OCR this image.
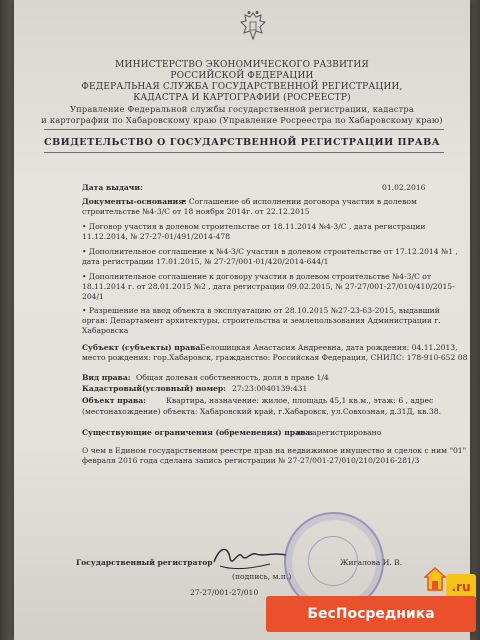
МИНИСТЕРСТВО ЭКОНОМИЧЕСКОГО РАЗВИТИЯ
РОССИЙСКОЙ ФЕДЕРАЦИИ
ФЕДЕРАЛЬНАЯ СЛУЖБА ГОСУДАРСТВЕННОЙ РЕГИСТРАЦИИ,
КАДАСТРА И КАРТОГРАФИИ (РОСРЕЕСТР)
Управление Федеральной службы государственной регистрации, кадастра
и картографии по Хабаровскому краю (Управление Росреестра по Хабаровскому краю)
СВИДЕТЕЛЬСТВО О ГОСУДАРСТВЕННОЙ РЕГИСТРАЦИИ ПРАВА
Дата выдачи:	01.02.2016
Документы-основания:
• Соглашение об исполнении договора участия в долевом
строительстве №4-3/С от 18 ноября 2014г. от 22.12.2015
• Договор участия в долевом строительстве от 18.11.2014 №4-3/С , дата регистрации
11.12.2014, № 27-27-01/491/2014-478
• Дополнительное соглашение к №4-3/С участия в долевом строительстве от 17.12.2014 №1 ,
дата регистрации 17.01.2015, № 27-27/001-01/420/2014-644/1
• Дополнительное соглашение к договору участия в долевом строительстве №4-3/С от
18.11.2014 г. от 28.01.2015 №2 , дата регистрации 09.02.2015, № 27-27/001-27/010/410/2015-
204/1
• Разрешение на ввод объекта в эксплуатацию от 28.10.2015 №27-23-63-2015, выдавший
орган: Департамент архитектуры, строительства и землепользования Администрации г.
Хабаровска
Субъект (субъекты) права:
Белошицкая Анастасия Андреевна, дата рождения: 04.11.2013,
место рождения: гор.Хабаровск, гражданство: Российская Федерация, СНИЛС: 178-910-652 08
Вид права: Общая долевая собственность, доля в праве 1/4
Кадастровый(условный) номер: 27:23:0040139:431
Объект права:	Квартира, назначение: жилое, площадь 45,1 кв.м., этаж: 6 , адрес
(местонахождение) объекта: Хабаровский край, г.Хабаровск, ул.Совхозная, д.31Д, кв.38.
Существующие ограничения (обременения) права:
не зарегистрировано
О чем в Едином государственном реестре прав на недвижимое имущество и сделок с ним "01"
февраля 2016 года сделана запись регистрации № 27-27/001-27/010/210/2016-281/3
Государственный регистратор	Жигалова И. В.
(подпись, м.п.)
27-27/001-27/010	.ru
БесПосредника
